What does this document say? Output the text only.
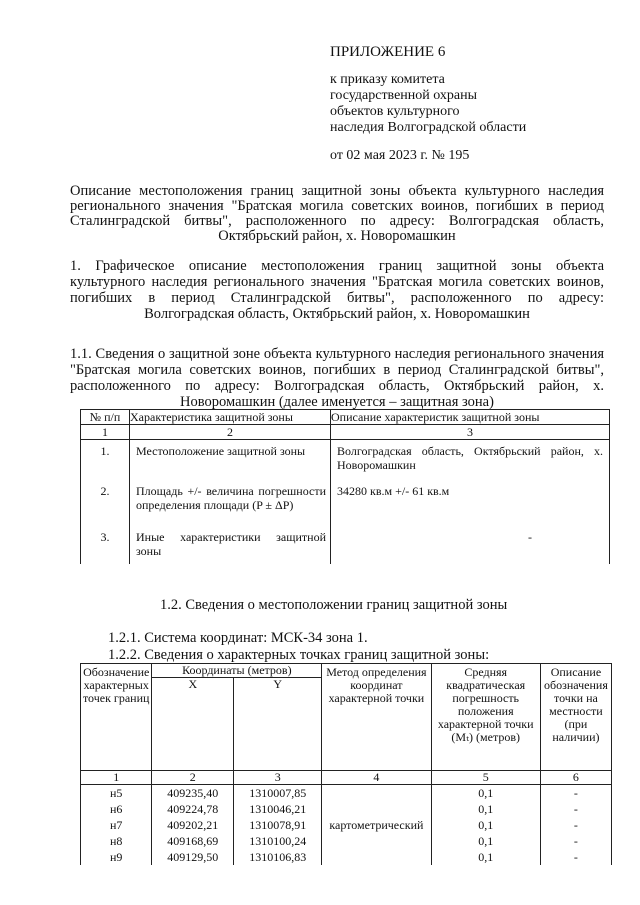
ПРИЛОЖЕНИЕ 6
к приказу комитета
государственной охраны
объектов культурного
наследия Волгоградской области
от 02 мая 2023 г. № 195
Описание местоположения границ защитной зоны объекта культурного наследия регионального значения "Братская могила советских воинов, погибших в период Сталинградской битвы", расположенного по адресу: Волгоградская область, Октябрьский район, х. Новоромашкин
1. Графическое описание местоположения границ защитной зоны объекта культурного наследия регионального значения "Братская могила советских воинов, погибших в период Сталинградской битвы", расположенного по адресу: Волгоградская область, Октябрьский район, х. Новоромашкин
1.1. Сведения о защитной зоне объекта культурного наследия регионального значения "Братская могила советских воинов, погибших в период Сталинградской битвы", расположенного по адресу: Волгоградская область, Октябрьский район, х. Новоромашкин (далее именуется – защитная зона)
№ п/п	Характеристика защитной зоны	Описание характеристик защитной зоны
1	2	3
1.	Местоположение защитной зоны	Волгоградская область, Октябрьский район, х. Новоромашкин
2.	Площадь +/- величина погрешности определения площади (P ± ΔP)	34280 кв.м +/- 61 кв.м
3.	Иные характеристики защитной зоны	-
1.2. Сведения о местоположении границ защитной зоны
1.2.1. Система координат: МСК-34 зона 1.
1.2.2. Сведения о характерных точках границ защитной зоны:
Обозначение характерных точек границ	Координаты (метров)		Метод определения координат характерной точки	Средняя квадратическая погрешность положения характерной точки (Mₜ) (метров)	Описание обозначения точки на местности (при наличии)
	X	Y			
1	2	3	4	5	6
н5	409235,40	1310007,85	картометрический	0,1	-
н6	409224,78	1310046,21		0,1	-
н7	409202,21	1310078,91		0,1	-
н8	409168,69	1310100,24		0,1	-
н9	409129,50	1310106,83		0,1	-
